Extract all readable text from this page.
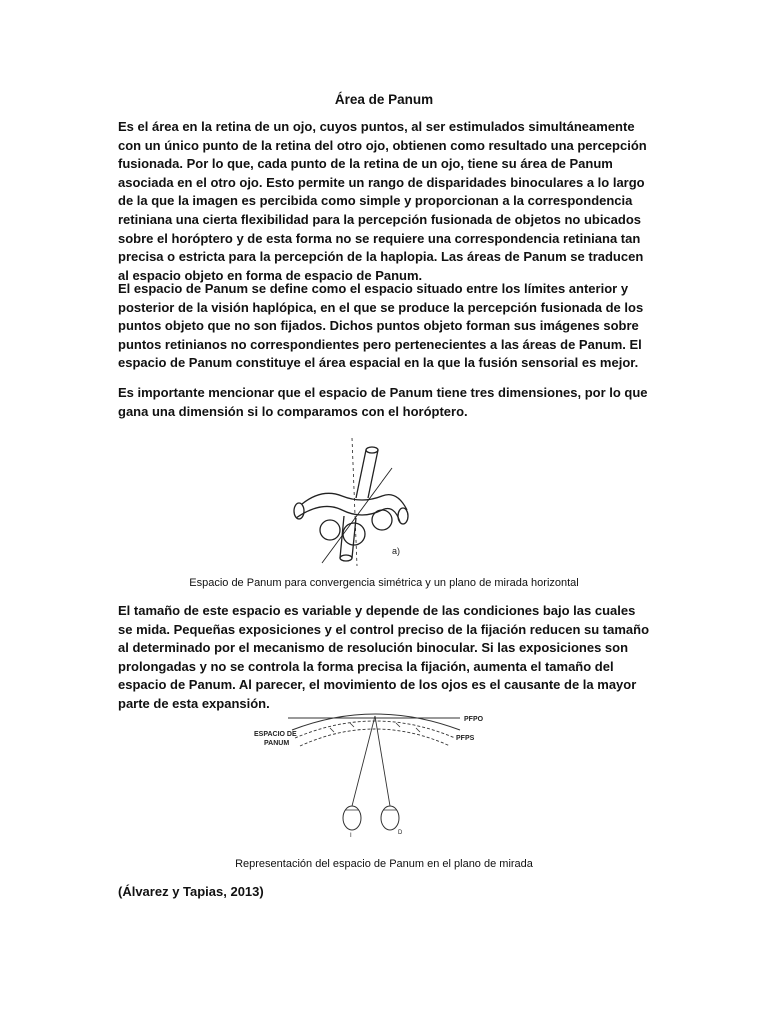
Área de Panum

Es el área en la retina de un ojo, cuyos puntos, al ser estimulados simultáneamente con un único punto de la retina del otro ojo, obtienen como resultado una percepción fusionada. Por lo que, cada punto de la retina de un ojo, tiene su área de Panum asociada en el otro ojo. Esto permite un rango de disparidades binoculares a lo largo de la que la imagen es percibida como simple y proporcionan a la correspondencia retiniana una cierta flexibilidad para la percepción fusionada de objetos no ubicados sobre el horóptero y de esta forma no se requiere una correspondencia retiniana tan precisa o estricta para la percepción de la haplopia. Las áreas de Panum se traducen al espacio objeto en forma de espacio de Panum.

El espacio de Panum se define como el espacio situado entre los límites anterior y posterior de la visión haplópica, en el que se produce la percepción fusionada de los puntos objeto que no son fijados. Dichos puntos objeto forman sus imágenes sobre puntos retinianos no correspondientes pero pertenecientes a las áreas de Panum. El espacio de Panum constituye el área espacial en la que la fusión sensorial es mejor.

Es importante mencionar que el espacio de Panum tiene tres dimensiones, por lo que gana una dimensión si lo comparamos con el horóptero.

a)
Espacio de Panum para convergencia simétrica y un plano de mirada horizontal

El tamaño de este espacio es variable y depende de las condiciones bajo las cuales se mida. Pequeñas exposiciones y el control preciso de la fijación reducen su tamaño al determinado por el mecanismo de resolución binocular. Si las exposiciones son prolongadas y no se controla la forma precisa la fijación, aumenta el tamaño del espacio de Panum. Al parecer, el movimiento de los ojos es el causante de la mayor parte de esta expansión.

PFPO
PFPS
ESPACIO DE
PANUM
I	D
Representación del espacio de Panum en el plano de mirada
(Álvarez y Tapias, 2013)
